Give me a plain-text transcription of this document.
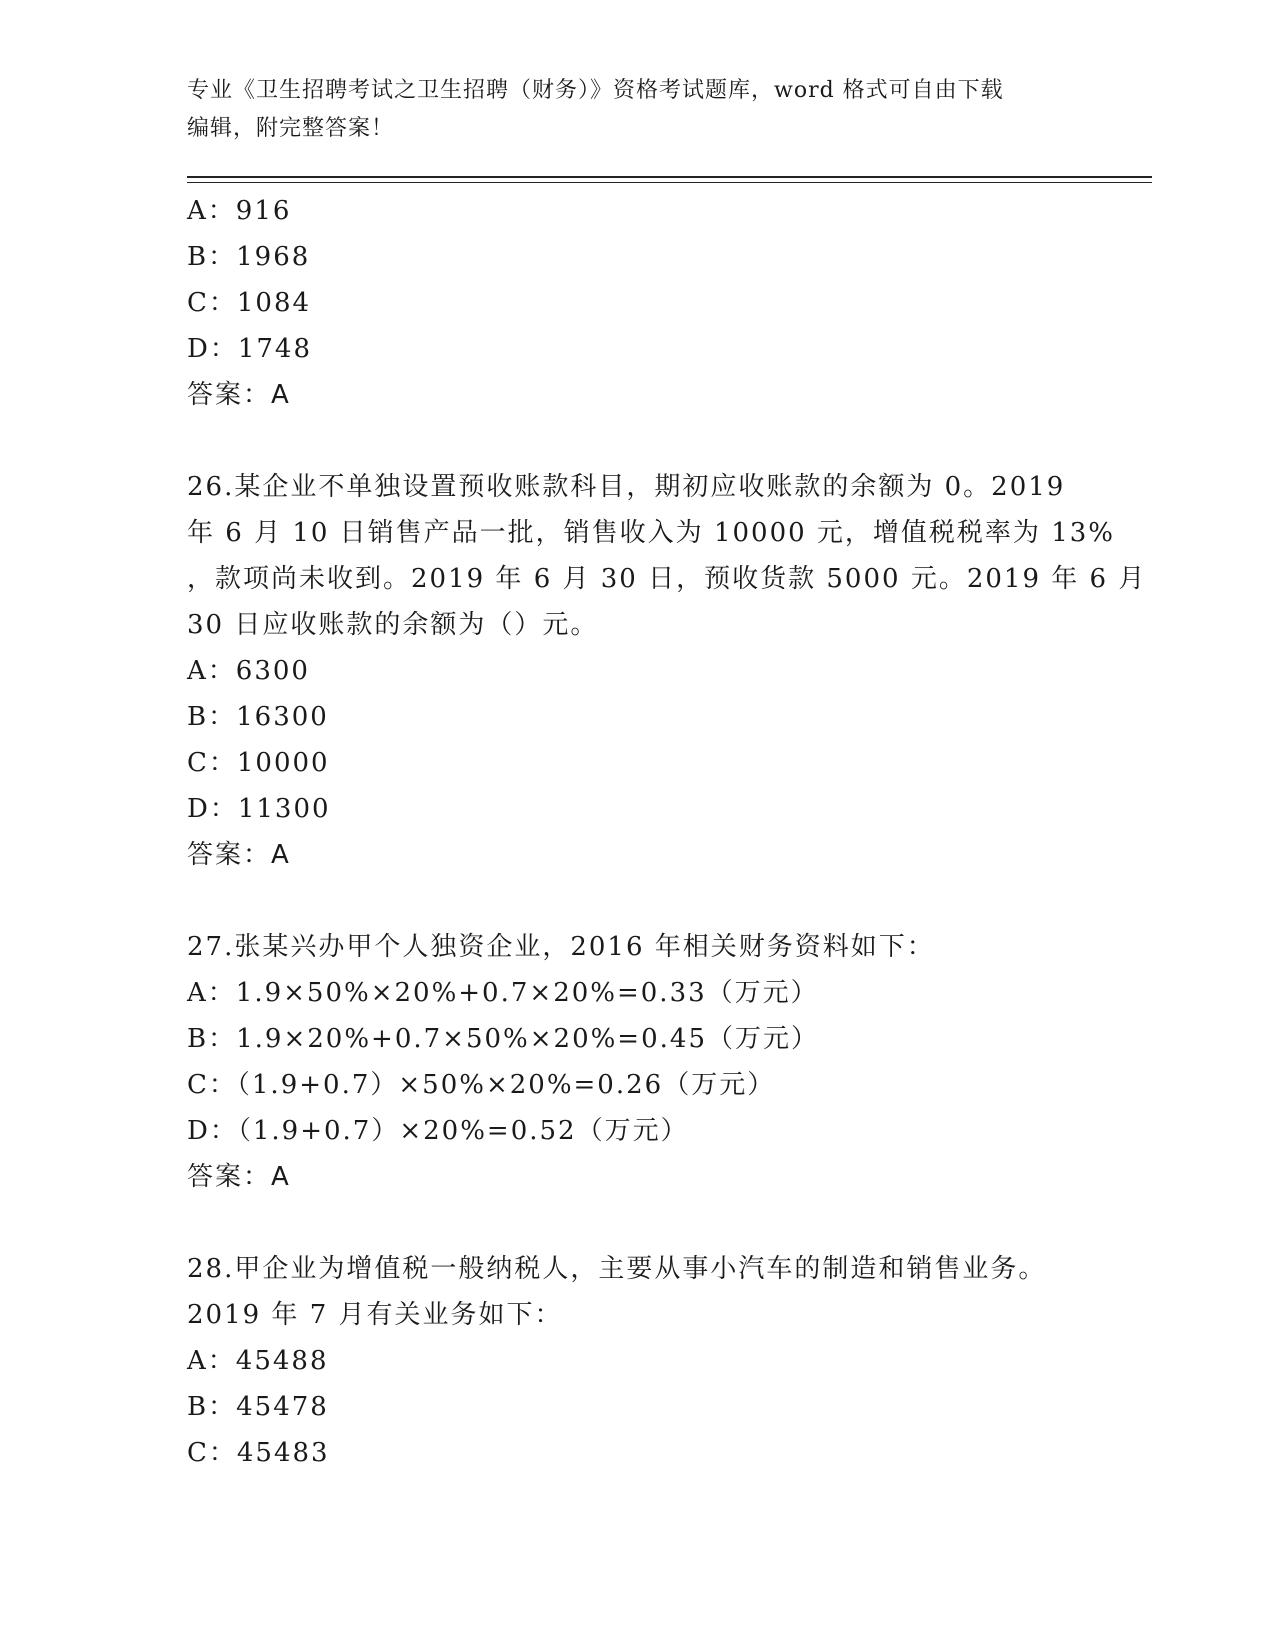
专业《卫生招聘考试之卫生招聘（财务）》资格考试题库，word 格式可自由下载
编辑，附完整答案！
A：916
B：1968
C：1084
D：1748
答案：A
26.某企业不单独设置预收账款科目，期初应收账款的余额为 0。2019
年 6 月 10 日销售产品一批，销售收入为 10000 元，增值税税率为 13%
，款项尚未收到。2019 年 6 月 30 日，预收货款 5000 元。2019 年 6 月
30 日应收账款的余额为（）元。
A：6300
B：16300
C：10000
D：11300
答案：A
27.张某兴办甲个人独资企业，2016 年相关财务资料如下：
A：1.9×50%×20%+0.7×20%=0.33（万元）
B：1.9×20%+0.7×50%×20%=0.45（万元）
C：（1.9+0.7）×50%×20%=0.26（万元）
D：（1.9+0.7）×20%=0.52（万元）
答案：A
28.甲企业为增值税一般纳税人，主要从事小汽车的制造和销售业务。
2019 年 7 月有关业务如下：
A：45488
B：45478
C：45483
